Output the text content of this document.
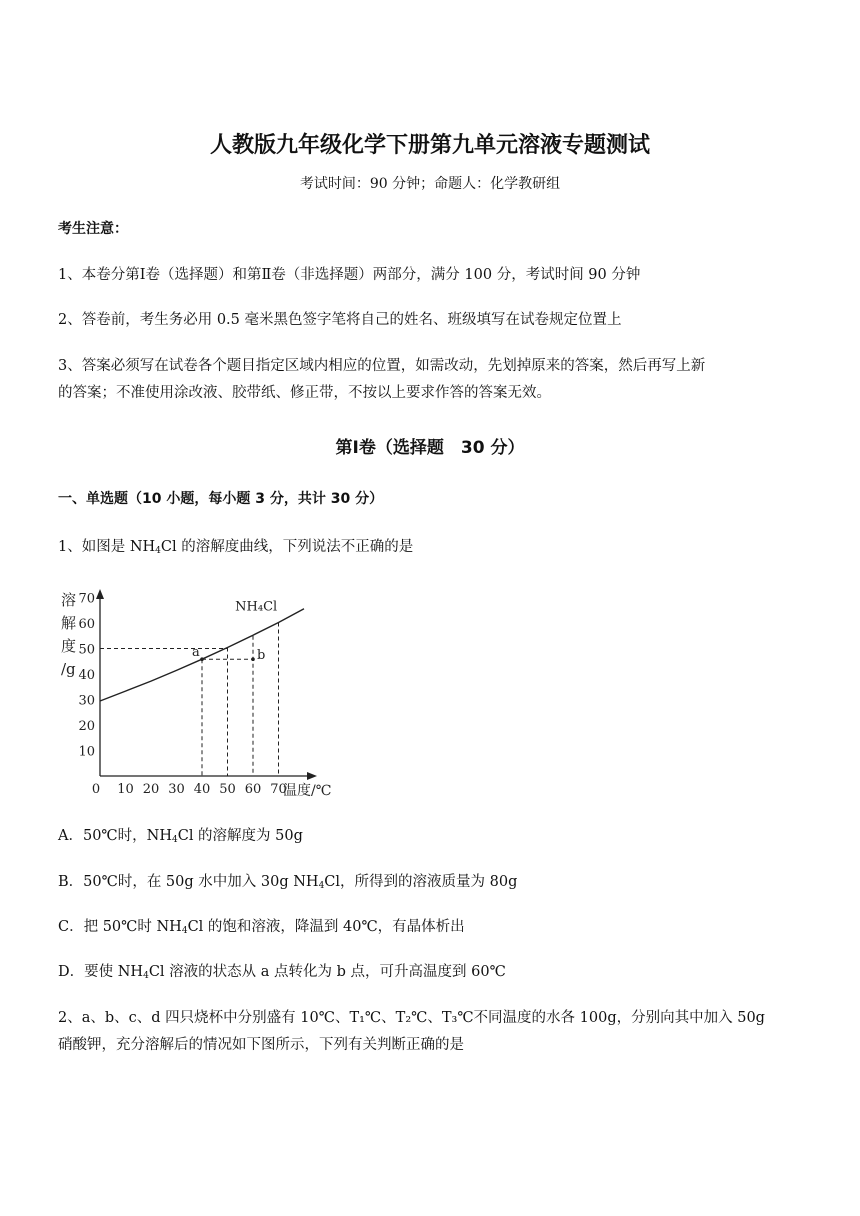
人教版九年级化学下册第九单元溶液专题测试
考试时间：90 分钟；命题人：化学教研组
考生注意：
1、本卷分第Ⅰ卷（选择题）和第Ⅱ卷（非选择题）两部分，满分 100 分，考试时间 90 分钟
2、答卷前，考生务必用 0.5 毫米黑色签字笔将自己的姓名、班级填写在试卷规定位置上
3、答案必须写在试卷各个题目指定区域内相应的位置，如需改动，先划掉原来的答案，然后再写上新
的答案；不准使用涂改液、胶带纸、修正带，不按以上要求作答的答案无效。
第Ⅰ卷（选择题　30 分）
一、单选题（10 小题，每小题 3 分，共计 30 分）
1、如图是 $NH_4Cl$ 的溶解度曲线，下列说法不正确的是
溶
解
度
/g
10
20
30
40
50
60
70
0 10 20 30 40 50 60 70
NH₄Cl
a	b
温度/℃
A．50℃时，$NH_4Cl$ 的溶解度为 50g
B．50℃时，在 50g 水中加入 30g $NH_4Cl$，所得到的溶液质量为 80g
C．把 50℃时 $NH_4Cl$ 的饱和溶液，降温到 40℃，有晶体析出
D．要使 $NH_4Cl$ 溶液的状态从 a 点转化为 b 点，可升高温度到 60℃
2、a、b、c、d 四只烧杯中分别盛有 10℃、T₁℃、T₂℃、T₃℃不同温度的水各 100g，分别向其中加入 50g
硝酸钾，充分溶解后的情况如下图所示，下列有关判断正确的是
